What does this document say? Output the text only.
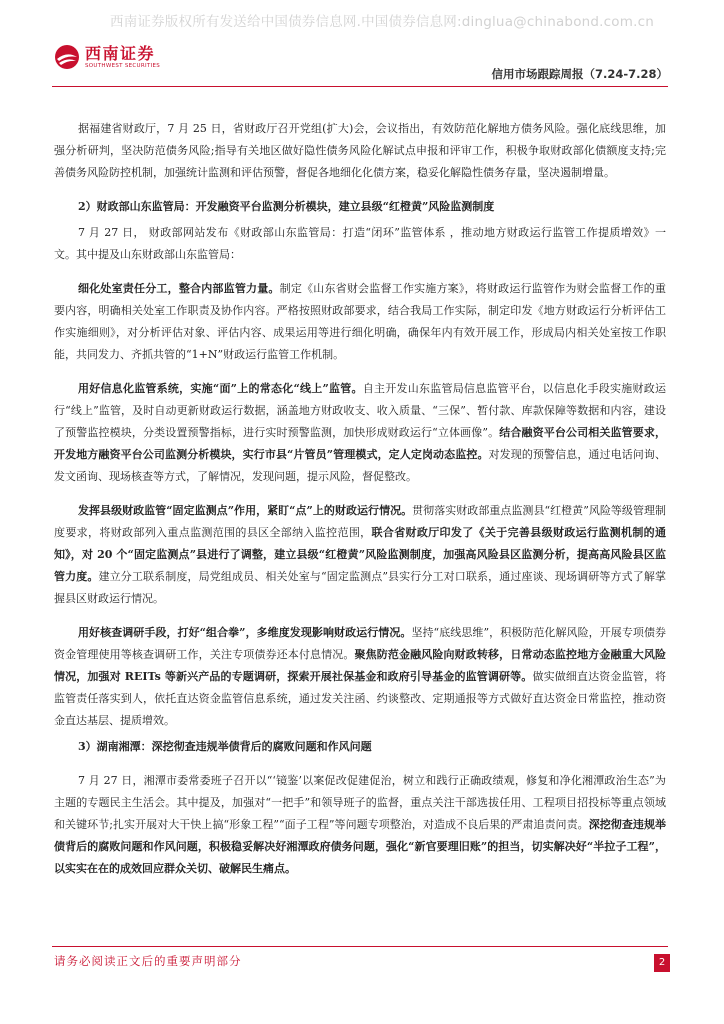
西南证券版权所有发送给中国债券信息网.中国债券信息网:dinglua@chinabond.com.cn
西南证券
SOUTHWEST SECURITIES
信用市场跟踪周报（7.24-7.28）

据福建省财政厅，7 月 25 日，省财政厅召开党组(扩大)会，会议指出，有效防范化解地方债务风险。强化底线思维，加强分析研判，坚决防范债务风险;指导有关地区做好隐性债务风险化解试点申报和评审工作，积极争取财政部化债额度支持;完善债务风险防控机制，加强统计监测和评估预警，督促各地细化化债方案，稳妥化解隐性债务存量，坚决遏制增量。

2）财政部山东监管局：开发融资平台监测分析模块，建立县级“红橙黄”风险监测制度

7 月 27 日， 财政部网站发布《财政部山东监管局：打造“闭环”监管体系 ，推动地方财政运行监管工作提质增效》一文。其中提及山东财政部山东监管局：

细化处室责任分工，整合内部监管力量。制定《山东省财会监督工作实施方案》，将财政运行监管作为财会监督工作的重要内容，明确相关处室工作职责及协作内容。严格按照财政部要求，结合我局工作实际，制定印发《地方财政运行分析评估工作实施细则》，对分析评估对象、评估内容、成果运用等进行细化明确，确保年内有效开展工作，形成局内相关处室按工作职能，共同发力、齐抓共管的“1+N”财政运行监管工作机制。

用好信息化监管系统，实施“面”上的常态化“线上”监管。自主开发山东监管局信息监管平台，以信息化手段实施财政运行“线上”监管，及时自动更新财政运行数据，涵盖地方财政收支、收入质量、“三保”、暂付款、库款保障等数据和内容，建设了预警监控模块，分类设置预警指标，进行实时预警监测，加快形成财政运行“立体画像”。结合融资平台公司相关监管要求，开发地方融资平台公司监测分析模块，实行市县“片管员”管理模式，定人定岗动态监控。对发现的预警信息，通过电话问询、发文函询、现场核查等方式，了解情况，发现问题，提示风险，督促整改。

发挥县级财政监管“固定监测点”作用，紧盯“点”上的财政运行情况。贯彻落实财政部重点监测县“红橙黄”风险等级管理制度要求，将财政部列入重点监测范围的县区全部纳入监控范围，联合省财政厅印发了《关于完善县级财政运行监测机制的通知》，对 20 个“固定监测点”县进行了调整，建立县级“红橙黄”风险监测制度，加强高风险县区监测分析，提高高风险县区监管力度。建立分工联系制度，局党组成员、相关处室与“固定监测点”县实行分工对口联系，通过座谈、现场调研等方式了解掌握县区财政运行情况。

用好核查调研手段，打好“组合拳”，多维度发现影响财政运行情况。坚持“底线思维”，积极防范化解风险，开展专项债券资金管理使用等核查调研工作，关注专项债券还本付息情况。聚焦防范金融风险向财政转移，日常动态监控地方金融重大风险情况，加强对 REITs 等新兴产品的专题调研，探索开展社保基金和政府引导基金的监管调研等。做实做细直达资金监管，将监管责任落实到人，依托直达资金监管信息系统，通过发关注函、约谈整改、定期通报等方式做好直达资金日常监控，推动资金直达基层、提质增效。

3）湖南湘潭：深挖彻查违规举债背后的腐败问题和作风问题

7 月 27 日，湘潭市委常委班子召开以“‘镜鉴’以案促改促建促治，树立和践行正确政绩观，修复和净化湘潭政治生态”为主题的专题民主生活会。其中提及，加强对“一把手”和领导班子的监督，重点关注干部选拔任用、工程项目招投标等重点领域和关键环节;扎实开展对大干快上搞“形象工程”“面子工程”等问题专项整治，对造成不良后果的严肃追责问责。深挖彻查违规举债背后的腐败问题和作风问题，积极稳妥解决好湘潭政府债务问题，强化“新官要理旧账”的担当，切实解决好“半拉子工程”，以实实在在的成效回应群众关切、破解民生痛点。

请务必阅读正文后的重要声明部分	2
